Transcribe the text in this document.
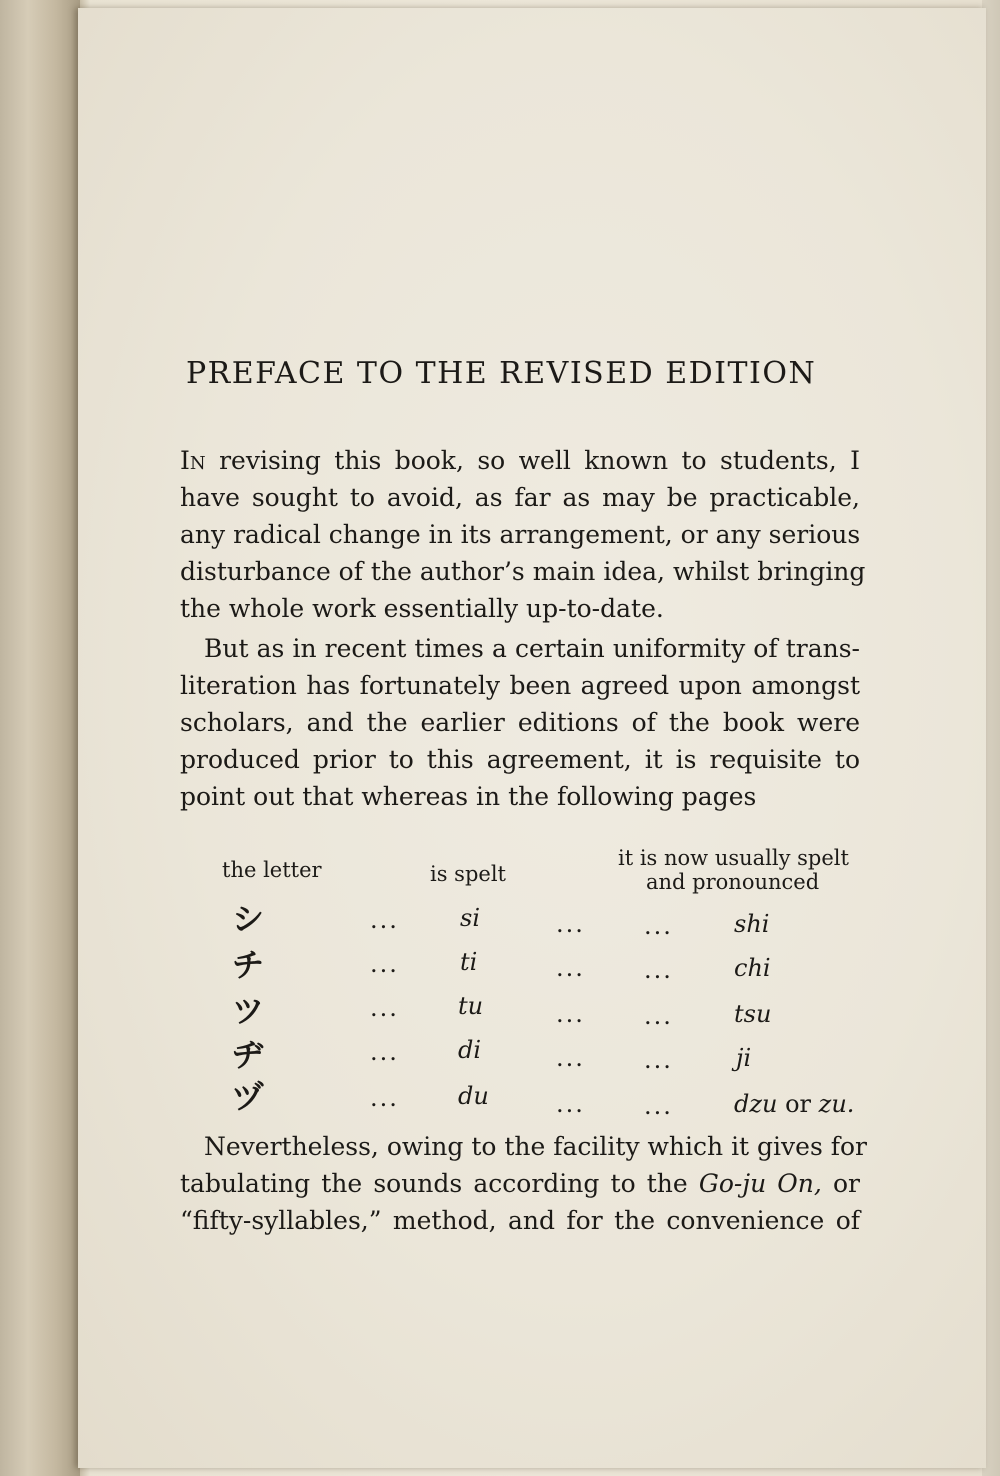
PREFACE TO THE REVISED EDITION
In revising this book, so well known to students, I
have sought to avoid, as far as may be practicable,
any radical change in its arrangement, or any serious
disturbance of the author’s main idea, whilst bringing
the whole work essentially up-to-date.
But as in recent times a certain uniformity of trans-
literation has fortunately been agreed upon amongst
scholars, and the earlier editions of the book were
produced prior to this agreement, it is requisite to
point out that whereas in the following pages
the letter	is spelt
it is now usually spelt
and pronounced
シ	...	si	... ...	shi
チ	...	ti	... ...	chi
ツ	... tu	... ...	tsu
ヂ	... di	... ...	ji
ヅ	... du	... ...	dzu or zu.
Nevertheless, owing to the facility which it gives for
tabulating the sounds according to the Go-ju On, or
“fifty-syllables,” method, and for the convenience of
